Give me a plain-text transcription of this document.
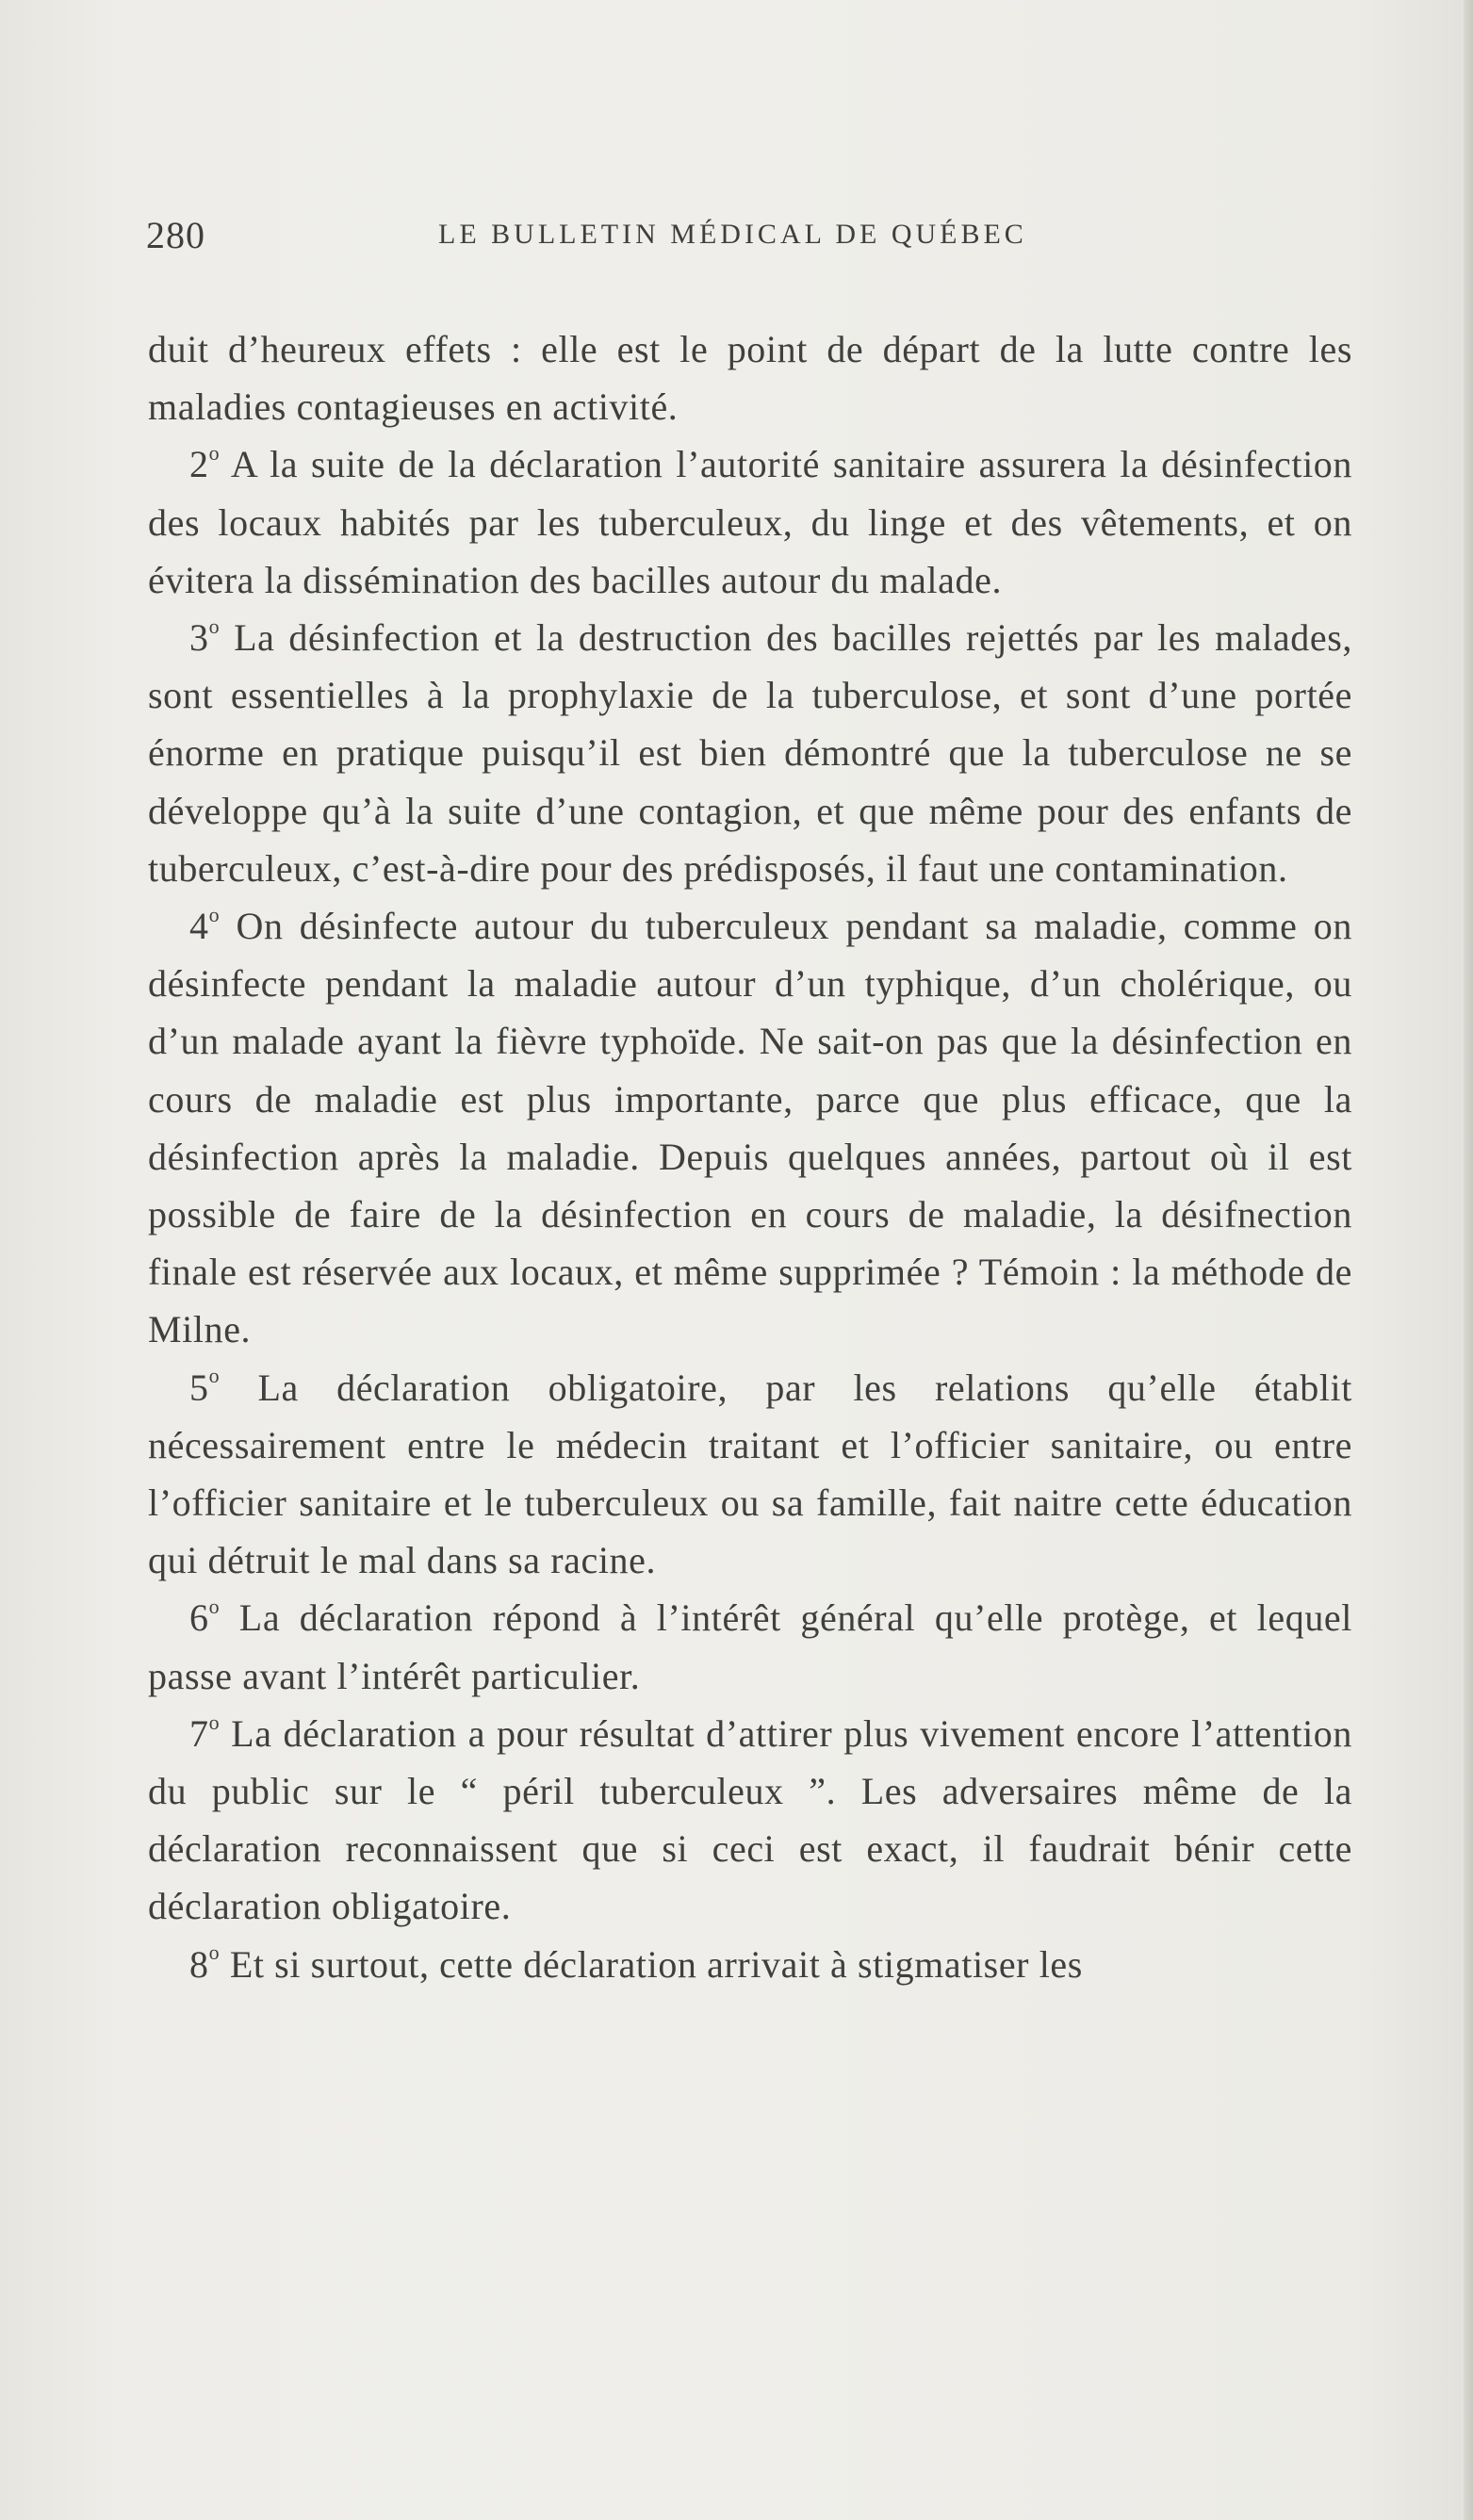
280	LE BULLETIN MÉDICAL DE QUÉBEC

duit d’heureux effets : elle est le point de départ de la lutte contre les maladies contagieuses en activité.

2$^o$ A la suite de la déclaration l’autorité sanitaire assurera la désinfection des locaux habités par les tuberculeux, du linge et des vêtements, et on évitera la dissémination des bacilles autour du malade.

3$^o$ La désinfection et la destruction des bacilles rejettés par les malades, sont essentielles à la prophylaxie de la tuberculose, et sont d’une portée énorme en pratique puisqu’il est bien démontré que la tuberculose ne se développe qu’à la suite d’une contagion, et que même pour des enfants de tuberculeux, c’est-à-dire pour des prédisposés, il faut une contamination.

4$^o$ On désinfecte autour du tuberculeux pendant sa maladie, comme on désinfecte pendant la maladie autour d’un typhique, d’un cholérique, ou d’un malade ayant la fièvre typhoïde. Ne sait-on pas que la désinfection en cours de maladie est plus importante, parce que plus efficace, que la désinfection après la maladie. Depuis quelques années, partout où il est possible de faire de la désinfection en cours de maladie, la désifnection finale est réservée aux locaux, et même supprimée ? Témoin : la méthode de Milne.

5$^o$ La déclaration obligatoire, par les relations qu’elle établit nécessairement entre le médecin traitant et l’officier sanitaire, ou entre l’officier sanitaire et le tuberculeux ou sa famille, fait naitre cette éducation qui détruit le mal dans sa racine.

6$^o$ La déclaration répond à l’intérêt général qu’elle protège, et lequel passe avant l’intérêt particulier.

7$^o$ La déclaration a pour résultat d’attirer plus vivement encore l’attention du public sur le “ péril tuberculeux ”. Les adversaires même de la déclaration reconnaissent que si ceci est exact, il faudrait bénir cette déclaration obligatoire.

8$^o$ Et si surtout, cette déclaration arrivait à stigmatiser les
